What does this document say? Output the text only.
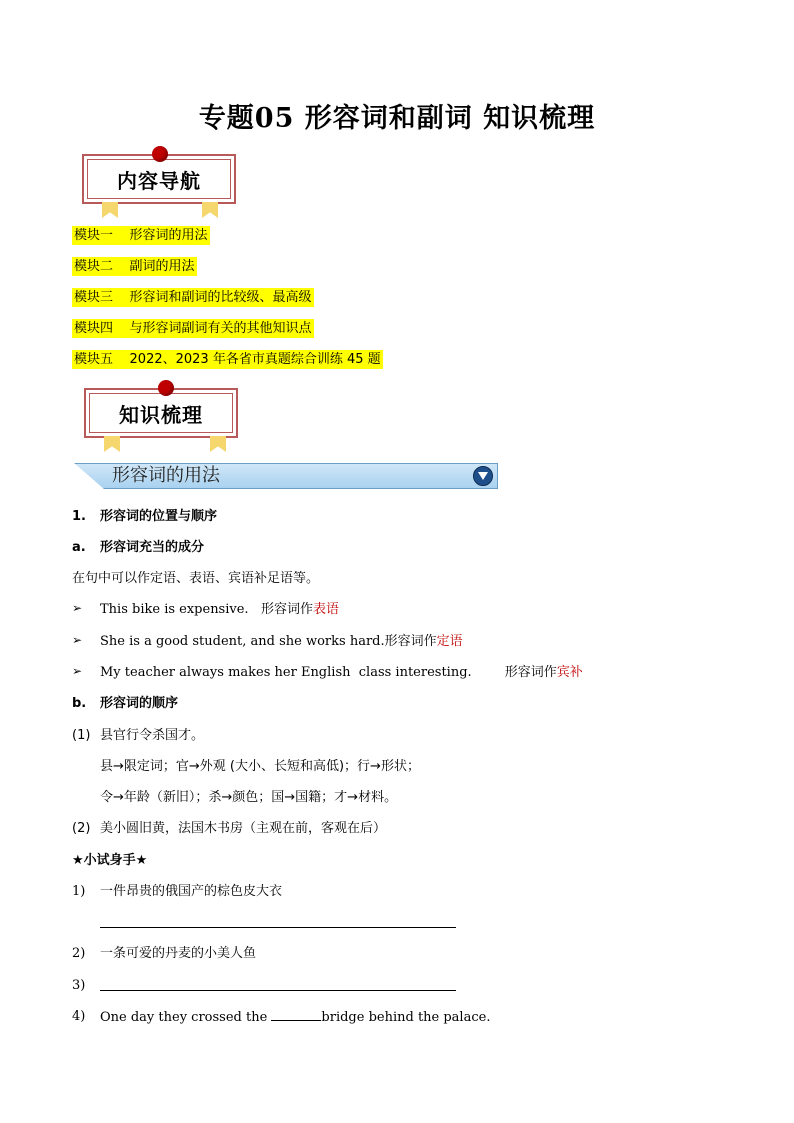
专题05 形容词和副词 知识梳理
内容导航
模块一    形容词的用法
模块二    副词的用法
模块三    形容词和副词的比较级、最高级
模块四    与形容词副词有关的其他知识点
模块五    2022、2023 年各省市真题综合训练 45 题
知识梳理
形容词的用法
1. 形容词的位置与顺序
a. 形容词充当的成分
在句中可以作定语、表语、宾语补足语等。
➢ This bike is expensive.   形容词作表语
➢ She is a good student, and she works hard.形容词作定语
➢ My teacher always makes her English  class interesting.        形容词作宾补
b. 形容词的顺序
(1) 县官行令杀国才。
县→限定词；官→外观 (大小、长短和高低)；行→形状；
令→年龄（新旧）；杀→颜色；国→国籍；才→材料。
(2) 美小圆旧黄，法国木书房（主观在前，客观在后）
★小试身手★
1) 一件昂贵的俄国产的棕色皮大衣
2) 一条可爱的丹麦的小美人鱼
3)
4) One day they crossed the	bridge behind the palace.
